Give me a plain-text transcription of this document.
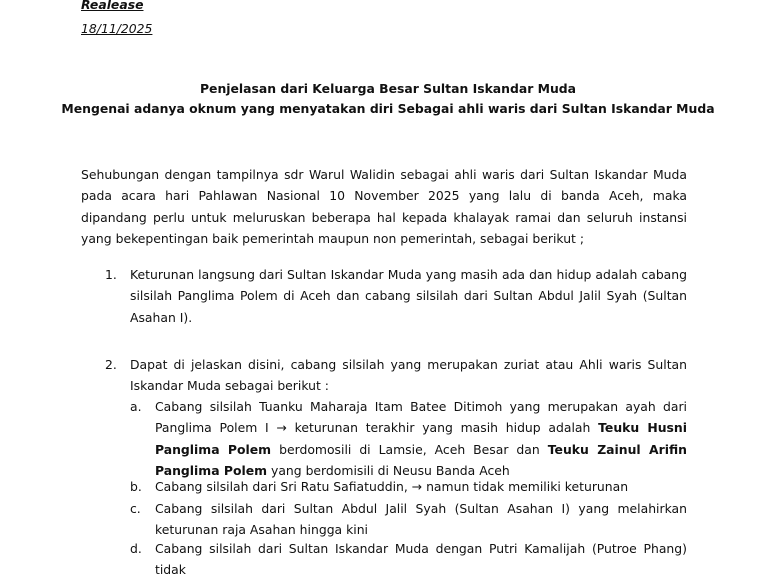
Realease
18/11/2025
Penjelasan dari Keluarga Besar Sultan Iskandar Muda
Mengenai adanya oknum yang menyatakan diri Sebagai ahli waris dari Sultan Iskandar Muda

Sehubungan dengan tampilnya sdr Warul Walidin sebagai ahli waris dari Sultan Iskandar Muda pada acara hari Pahlawan Nasional 10 November 2025 yang lalu di banda Aceh, maka dipandang perlu untuk meluruskan beberapa hal kepada khalayak ramai dan seluruh instansi yang bekepentingan baik pemerintah maupun non pemerintah, sebagai berikut ;

1. Keturunan langsung dari Sultan Iskandar Muda yang masih ada dan hidup adalah cabang silsilah Panglima Polem di Aceh dan cabang silsilah dari Sultan Abdul Jalil Syah (Sultan Asahan I).
2. Dapat di jelaskan disini, cabang silsilah yang merupakan zuriat atau Ahli waris Sultan Iskandar Muda sebagai berikut :
a. Cabang silsilah Tuanku Maharaja Itam Batee Ditimoh yang merupakan ayah dari Panglima Polem I → keturunan terakhir yang masih hidup adalah Teuku Husni Panglima Polem berdomosili di Lamsie, Aceh Besar dan Teuku Zainul Arifin Panglima Polem yang berdomisili di Neusu Banda Aceh
b. Cabang silsilah dari Sri Ratu Safiatuddin, → namun tidak memiliki keturunan
c. Cabang silsilah dari Sultan Abdul Jalil Syah (Sultan Asahan I) yang melahirkan keturunan raja Asahan hingga kini
d. Cabang silsilah dari Sultan Iskandar Muda dengan Putri Kamalijah (Putroe Phang) tidak
